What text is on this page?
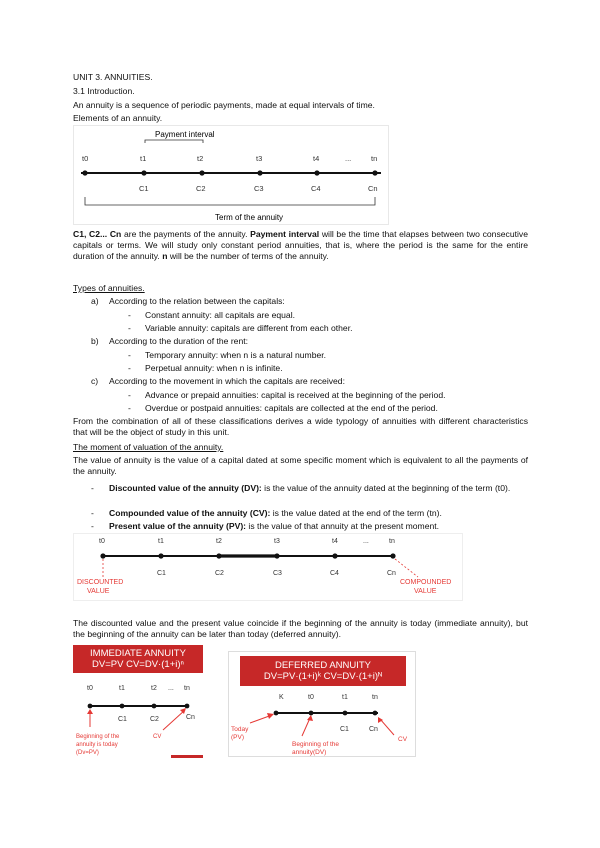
UNIT 3. ANNUITIES.
3.1 Introduction.
An annuity is a sequence of periodic payments, made at equal intervals of time.
Elements of an annuity.
Payment interval
t0	t1	t2	t3	t4	...	tn
C1	C2	C3	C4	Cn
Term of the annuity
C1, C2... Cn are the payments of the annuity. Payment interval will be the time that elapses between two consecutive capitals or terms. We will study only constant period annuities, that is, where the period is the same for the entire duration of the annuity. n will be the number of terms of the annuity.
Types of annuities.
a) According to the relation between the capitals:
- Constant annuity: all capitals are equal.
- Variable annuity: capitals are different from each other.
b) According to the duration of the rent:
- Temporary annuity: when n is a natural number.
- Perpetual annuity: when n is infinite.
c) According to the movement in which the capitals are received:
- Advance or prepaid annuities: capital is received at the beginning of the period.
- Overdue or postpaid annuities: capitals are collected at the end of the period.
From the combination of all of these classifications derives a wide typology of annuities with different characteristics that will be the object of study in this unit.
The moment of valuation of the annuity.
The value of annuity is the value of a capital dated at some specific moment which is equivalent to all the payments of the annuity.
- Discounted value of the annuity (DV): is the value of the annuity dated at the beginning of the term (t0).
- Compounded value of the annuity (CV): is the value dated at the end of the term (tn).
- Present value of the annuity (PV): is the value of that annuity at the present moment.
t0	t1	t2	t3	t4	...	tn
C1	C2	C3	C4	Cn
DISCOUNTED
VALUE
COMPOUNDED
VALUE
The discounted value and the present value coincide if the beginning of the annuity is today (immediate annuity), but the beginning of the annuity can be later than today (deferred annuity).
IMMEDIATE ANNUITY
DV=PV CV=DV·(1+i)ⁿ
t0	t1	t2 ... tn
C1	C2	Cn
Beginning of the
annuity is today
(Dv=PV)
CV
DEFERRED ANNUITY
DV=PV·(1+i)ᵏ CV=DV·(1+i)ᴺ
K	t0	t1	tn
C1	Cn
Today
(PV)
Beginning of the
annuity(DV)
CV
